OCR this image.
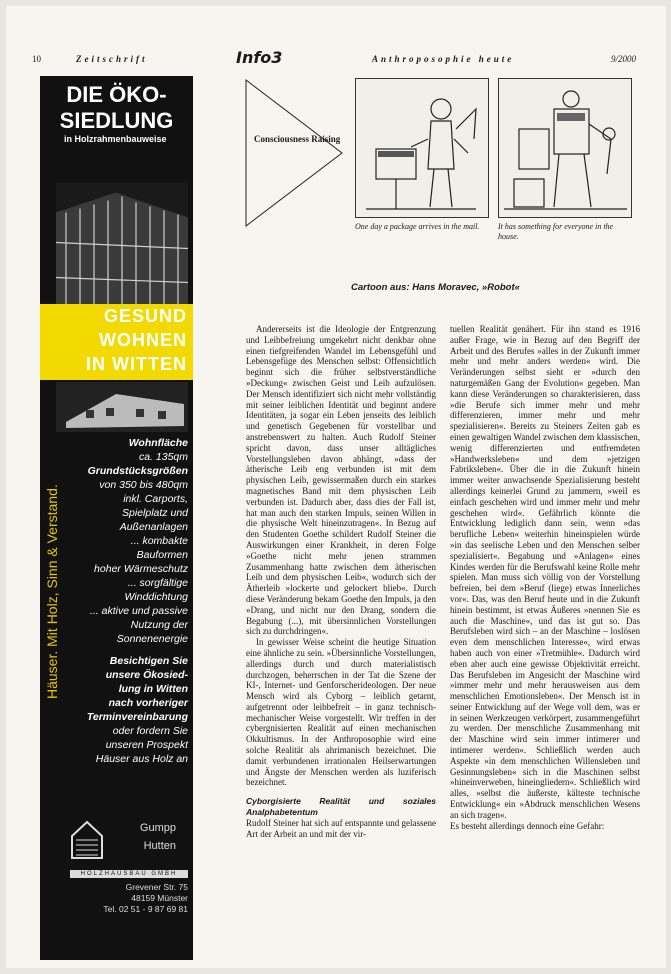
10	Zeitschrift	Info3	Anthroposophie heute	9/2000
DIE ÖKO-
SIEDLUNG
in Holzrahmenbauweise
GESUND
WOHNEN
IN WITTEN
Häuser. Mit Holz, Sinn & Verstand.
Wohnfläche
ca. 135qm
Grundstücksgrößen
von 350 bis 480qm
inkl. Carports,
Spielplatz und
Außenanlagen
... kombakte
Bauformen
hoher Wärmeschutz
... sorgfältige
Winddichtung
... aktive und passive
Nutzung der
Sonnenenergie
Besichtigen Sie
unsere Ökosied-
lung in Witten
nach vorheriger
Terminvereinbarung
oder fordern Sie
unseren Prospekt
Häuser aus Holz an
Gumpp
Hutten
HOLZHAUSBAU GMBH
Grevener Str. 75
48159 Münster
Tel. 02 51 - 9 87 69 81
Consciousness Raising
One day a package arrives in the mail.	It has something for everyone in the house.
Cartoon aus: Hans Moravec, »Robot«

Andererseits ist die Ideologie der Entgrenzung und Leibbefreiung umgekehrt nicht denkbar ohne einen tiefgreifenden Wandel im Lebensgefühl und Lebensgefüge des Menschen selbst: Offensichtlich beginnt sich die früher selbstverständliche »Deckung« zwischen Geist und Leib aufzulösen. Der Mensch identifiziert sich nicht mehr vollständig mit seiner leiblichen Identität und beginnt andere Identitäten, ja sogar ein Leben jenseits des leiblich und genetisch Gegebenen für vorstellbar und anstrebenswert zu halten. Auch Rudolf Steiner spricht davon, dass unser alltägliches Vorstellungsleben davon abhängt, »dass der ätherische Leib eng verbunden ist mit dem physischen Leib, gewissermaßen durch ein starkes magnetisches Band mit dem physischen Leib verbunden ist. Dadurch aber, dass dies der Fall ist, hat man auch den starken Impuls, seinen Willen in die physische Welt hineinzutragen«. In Bezug auf den Studenten Goethe schildert Rudolf Steiner die Auswirkungen einer Krankheit, in deren Folge »Goethe nicht mehr jenen strammen Zusammenhang hatte zwischen dem ätherischen Leib und dem physischen Leib«, wodurch sich der Ätherleib »lockerte und gelockert blieb«. Durch diese Veränderung bekam Goethe den Impuls, ja den »Drang, und nicht nur den Drang, sondern die Begabung (...), mit übersinnlichen Vorstellungen sich zu durchdringen«.

In gewisser Weise scheint die heutige Situation eine ähnliche zu sein. »Übersinnliche Vorstellungen, allerdings durch und durch materialistisch durchzogen, beherrschen in der Tat die Szene der KI-, Internet- und Genforscherideologen. Der neue Mensch wird als Cyborg – leiblich getarnt, aufgetrennt oder leibbefreit – in ganz technisch-mechanischer Weise vorgestellt. Wir treffen in der cybergnisierten Realität auf einen mechanischen Okkultismus. In der Anthroposophie wird eine solche Realität als ahrimanisch bezeichnet. Die damit verbundenen irrationalen Heilserwartungen und Ängste der Menschen werden als luziferisch bezeichnet.

Cyborgisierte Realität und soziales Analphabetentum

Rudolf Steiner hat sich auf entspannte und gelassene Art der Arbeit an und mit der vir-

tuellen Realität genähert. Für ihn stand es 1916 außer Frage, wie in Bezug auf den Begriff der Arbeit und des Berufes »alles in der Zukunft immer mehr und mehr anders werden« wird. Die Veränderungen selbst sieht er »durch den naturgemäßen Gang der Evolution« gegeben. Man kann diese Veränderungen so charakterisieren, dass »die Berufe sich immer mehr und mehr differenzieren, immer mehr und mehr spezialisieren«. Bereits zu Steiners Zeiten gab es einen gewaltigen Wandel zwischen dem klassischen, wenig differenzierten und entfremdeten »Handwerksleben« und dem »jetzigen Fabriksleben«. Über die in die Zukunft hinein immer weiter anwachsende Spezialisierung besteht allerdings keinerlei Grund zu jammern, »weil es einfach geschehen wird und immer mehr und mehr geschehen wird«. Gefährlich könnte die Entwicklung lediglich dann sein, wenn »das berufliche Leben« weiterhin hineinspielen würde »in das seelische Leben und den Menschen selber spezialisiert«. Begabung und »Anlagen« eines Kindes werden für die Berufswahl keine Rolle mehr spielen. Man muss sich völlig von der Vorstellung befreien, bei dem »Beruf (liege) etwas Innerliches vor«. Das, was den Beruf heute und in die Zukunft hinein bestimmt, ist etwas Äußeres »nennen Sie es auch die Maschine«, und das ist gut so. Das Berufsleben wird sich – an der Maschine – loslösen even dem menschlichen Interesse«, wird etwas haben auch von einer »Tretmühle«. Dadurch wird eben aber auch eine gewisse Objektivität erreicht. Das Berufsleben im Angesicht der Maschine wird »immer mehr und mehr herausweisen aus dem menschlichen Emotionsleben«. Der Mensch ist in seiner Entwicklung auf der Wege voll dem, was er in seinen Werkzeugen verkörpert, zusammengeführt zu werden. Der menschliche Zusammenhang mit der Maschine wird sein immer intimerer und intimerer werden«. Schließlich werden auch Aspekte »in dem menschlichen Willensleben und Gesinnungsleben« sich in die Maschinen selbst »hineinverweben, hineingliedern«. Schließlich wird alles, »selbst die äußerste, kälteste technische Entwicklung« ein »Abdruck menschlichen Wesens an sich tragen«.

Es besteht allerdings dennoch eine Gefahr:
